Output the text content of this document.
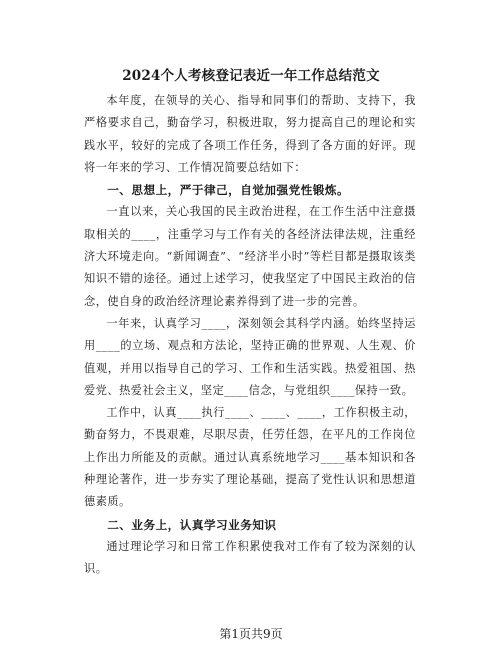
2024个人考核登记表近一年工作总结范文

本年度，在领导的关心、指导和同事们的帮助、支持下，我严格要求自己，勤奋学习，积极进取，努力提高自己的理论和实践水平，较好的完成了各项工作任务，得到了各方面的好评。现将一年来的学习、工作情况简要总结如下：

一、思想上，严于律己，自觉加强党性锻炼。

一直以来，关心我国的民主政治进程，在工作生活中注意摄取相关的____，注重学习与工作有关的各经济法律法规，注重经济大环境走向。“新闻调查”、“经济半小时”等栏目都是摄取该类知识不错的途径。通过上述学习，使我坚定了中国民主政治的信念，使自身的政治经济理论素养得到了进一步的完善。

一年来，认真学习____，深刻领会其科学内涵。始终坚持运用____的立场、观点和方法论，坚持正确的世界观、人生观、价值观，并用以指导自己的学习、工作和生活实践。热爱祖国、热爱党、热爱社会主义，坚定____信念，与党组织____保持一致。

工作中，认真____执行____、____、____，工作积极主动，勤奋努力，不畏艰难，尽职尽责，任劳任怨，在平凡的工作岗位上作出力所能及的贡献。通过认真系统地学习____基本知识和各种理论著作，进一步夯实了理论基础，提高了党性认识和思想道德素质。

二、业务上，认真学习业务知识

通过理论学习和日常工作积累使我对工作有了较为深刻的认识。

第1页共9页
